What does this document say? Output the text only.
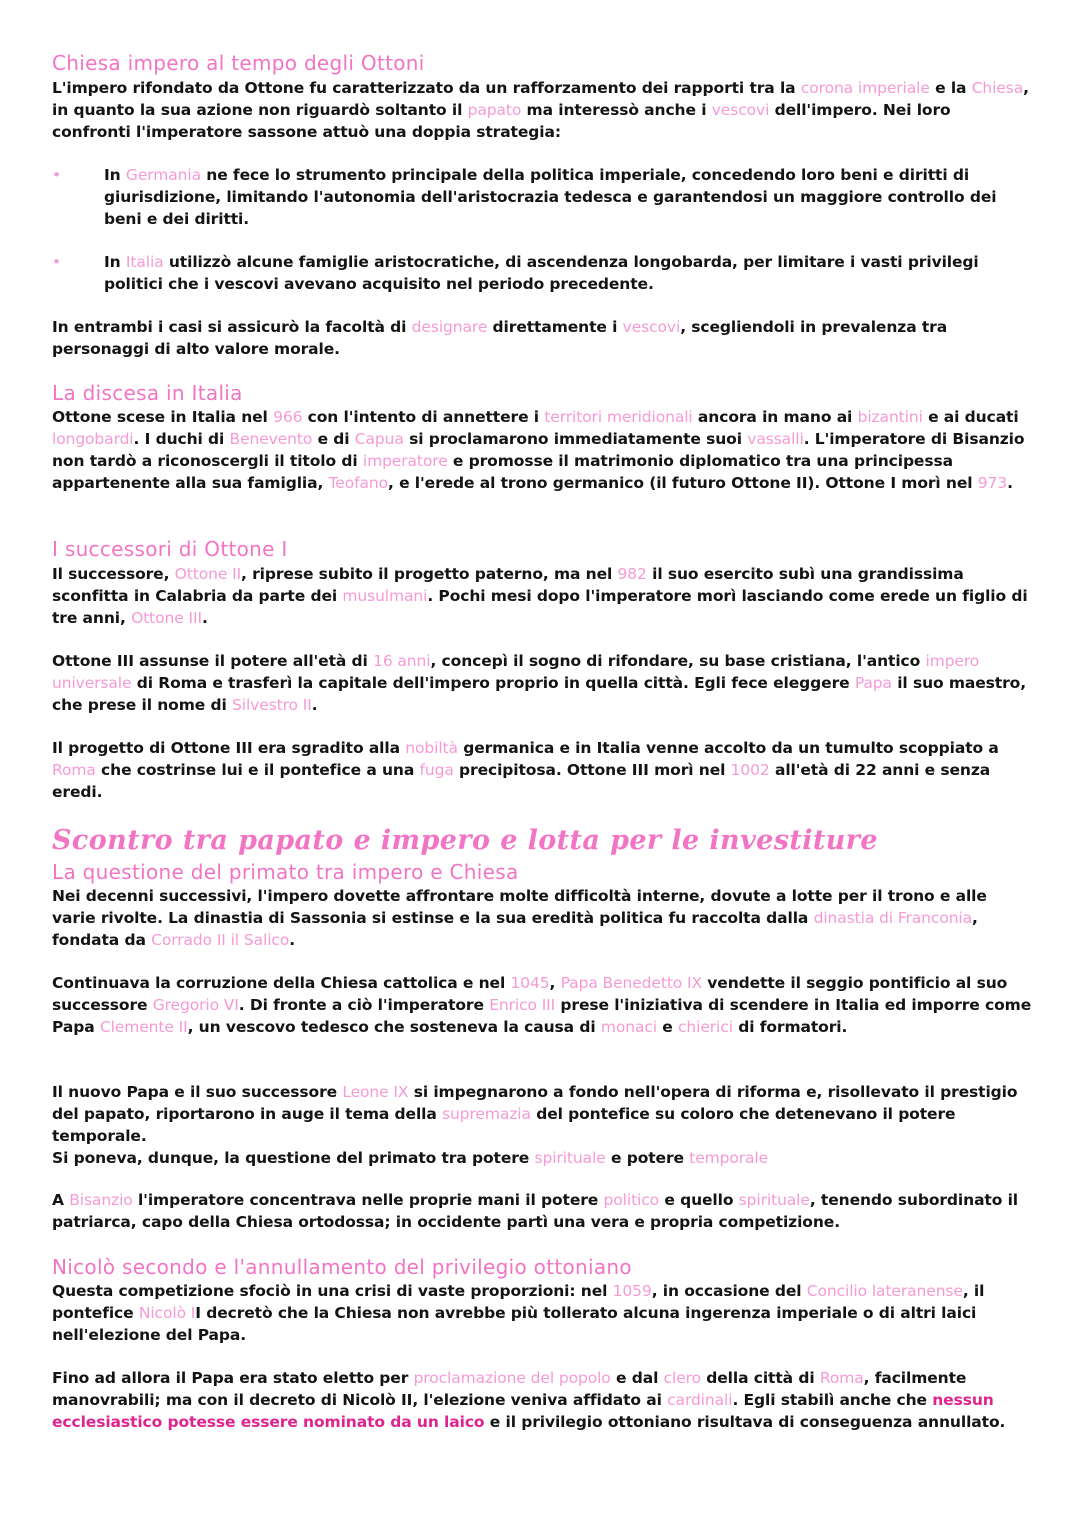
Chiesa impero al tempo degli Ottoni

L'impero rifondato da Ottone fu caratterizzato da un rafforzamento dei rapporti tra la corona imperiale e la Chiesa, in quanto la sua azione non riguardò soltanto il papato ma interessò anche i vescovi dell'impero. Nei loro confronti l'imperatore sassone attuò una doppia strategia:

•	In Germania ne fece lo strumento principale della politica imperiale, concedendo loro beni e diritti di giurisdizione, limitando l'autonomia dell'aristocrazia tedesca e garantendosi un maggiore controllo dei beni e dei diritti.
•	In Italia utilizzò alcune famiglie aristocratiche, di ascendenza longobarda, per limitare i vasti privilegi politici che i vescovi avevano acquisito nel periodo precedente.

In entrambi i casi si assicurò la facoltà di designare direttamente i vescovi, scegliendoli in prevalenza tra personaggi di alto valore morale.

La discesa in Italia

Ottone scese in Italia nel 966 con l'intento di annettere i territori meridionali ancora in mano ai bizantini e ai ducati longobardi. I duchi di Benevento e di Capua si proclamarono immediatamente suoi vassalli. L'imperatore di Bisanzio non tardò a riconoscergli il titolo di imperatore e promosse il matrimonio diplomatico tra una principessa appartenente alla sua famiglia, Teofano, e l'erede al trono germanico (il futuro Ottone II). Ottone I morì nel 973.

I successori di Ottone I

Il successore, Ottone II, riprese subito il progetto paterno, ma nel 982 il suo esercito subì una grandissima sconfitta in Calabria da parte dei musulmani. Pochi mesi dopo l'imperatore morì lasciando come erede un figlio di tre anni, Ottone III.

Ottone III assunse il potere all'età di 16 anni, concepì il sogno di rifondare, su base cristiana, l'antico impero universale di Roma e trasferì la capitale dell'impero proprio in quella città. Egli fece eleggere Papa il suo maestro, che prese il nome di Silvestro II.

Il progetto di Ottone III era sgradito alla nobiltà germanica e in Italia venne accolto da un tumulto scoppiato a Roma che costrinse lui e il pontefice a una fuga precipitosa. Ottone III morì nel 1002 all'età di 22 anni e senza eredi.

Scontro tra papato e impero e lotta per le investiture
La questione del primato tra impero e Chiesa

Nei decenni successivi, l'impero dovette affrontare molte difficoltà interne, dovute a lotte per il trono e alle varie rivolte. La dinastia di Sassonia si estinse e la sua eredità politica fu raccolta dalla dinastia di Franconia, fondata da Corrado II il Salico.

Continuava la corruzione della Chiesa cattolica e nel 1045, Papa Benedetto IX vendette il seggio pontificio al suo successore Gregorio VI. Di fronte a ciò l'imperatore Enrico III prese l'iniziativa di scendere in Italia ed imporre come Papa Clemente II, un vescovo tedesco che sosteneva la causa di monaci e chierici di formatori.

Il nuovo Papa e il suo successore Leone IX si impegnarono a fondo nell'opera di riforma e, risollevato il prestigio del papato, riportarono in auge il tema della supremazia del pontefice su coloro che detenevano il potere temporale.

Si poneva, dunque, la questione del primato tra potere spirituale e potere temporale

A Bisanzio l'imperatore concentrava nelle proprie mani il potere politico e quello spirituale, tenendo subordinato il patriarca, capo della Chiesa ortodossa; in occidente partì una vera e propria competizione.

Nicolò secondo e l'annullamento del privilegio ottoniano

Questa competizione sfociò in una crisi di vaste proporzioni: nel 1059, in occasione del Concilio lateranense, il pontefice Nicolò II decretò che la Chiesa non avrebbe più tollerato alcuna ingerenza imperiale o di altri laici nell'elezione del Papa.

Fino ad allora il Papa era stato eletto per proclamazione del popolo e dal clero della città di Roma, facilmente manovrabili; ma con il decreto di Nicolò II, l'elezione veniva affidato ai cardinali. Egli stabilì anche che nessun ecclesiastico potesse essere nominato da un laico e il privilegio ottoniano risultava di conseguenza annullato.
